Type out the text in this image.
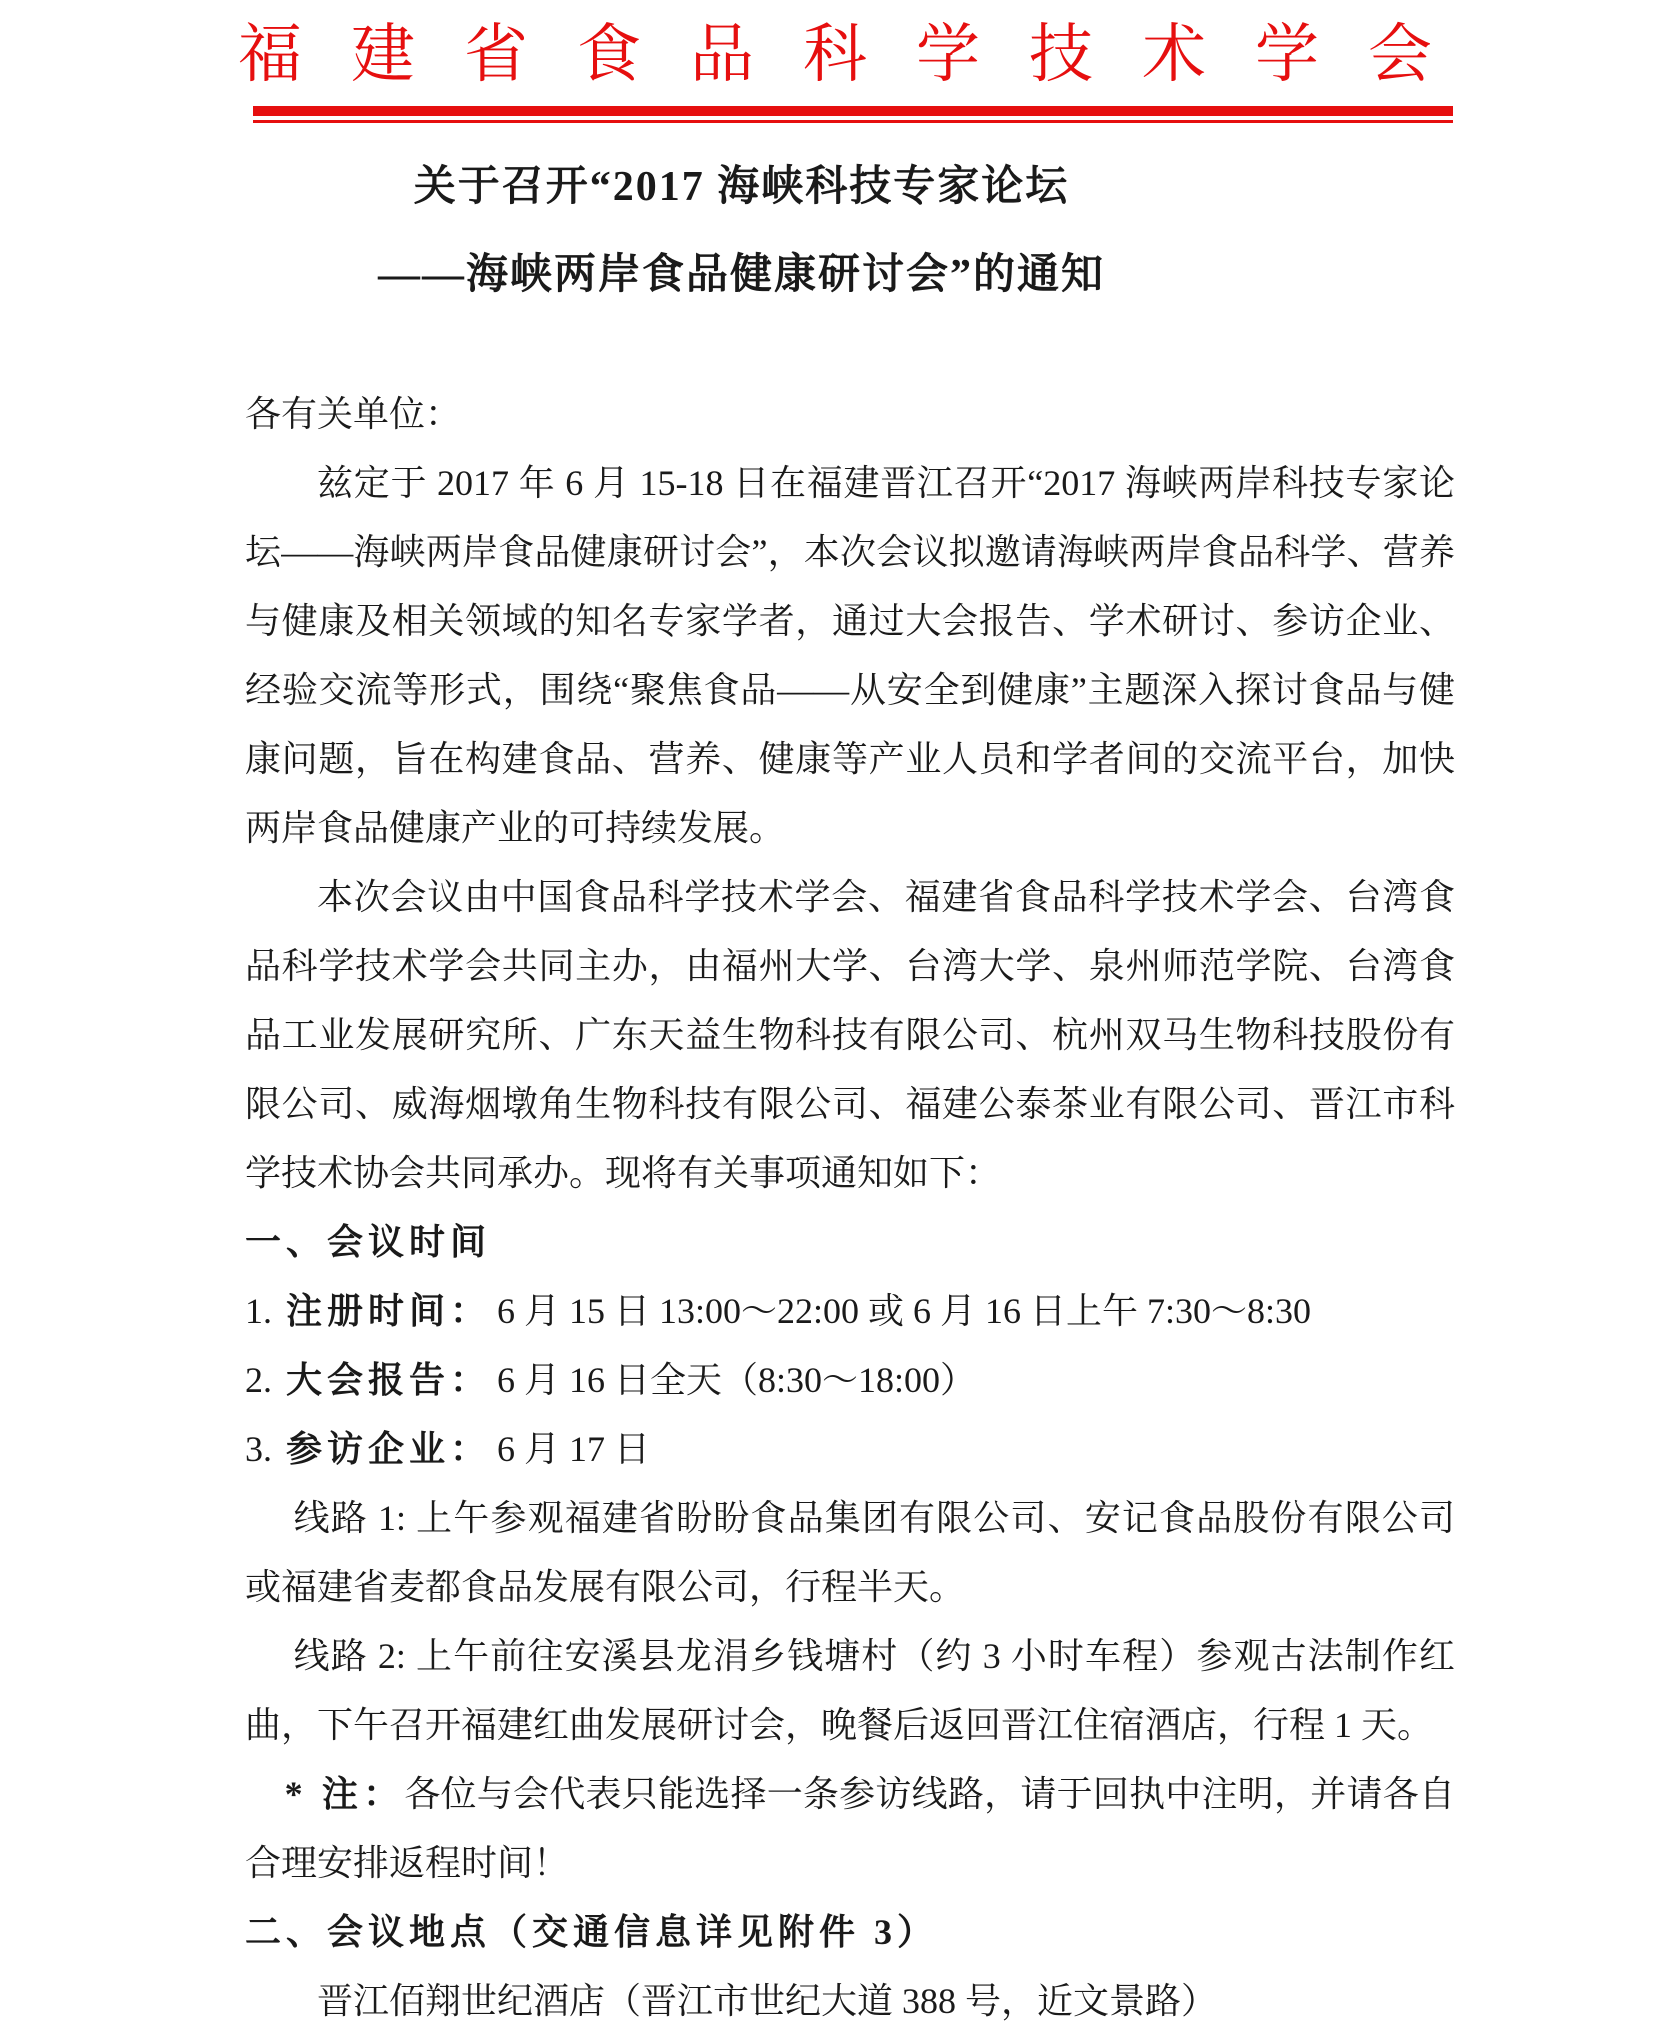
福建省食品科学技术学会
关于召开“2017 海峡科技专家论坛
——海峡两岸食品健康研讨会”的通知
各有关单位：
兹定于 2017 年 6 月 15-18 日在福建晋江召开“2017 海峡两岸科技专家论坛——海峡两岸食品健康研讨会”，本次会议拟邀请海峡两岸食品科学、营养与健康及相关领域的知名专家学者，通过大会报告、学术研讨、参访企业、经验交流等形式，围绕“聚焦食品——从安全到健康”主题深入探讨食品与健康问题，旨在构建食品、营养、健康等产业人员和学者间的交流平台，加快两岸食品健康产业的可持续发展。
本次会议由中国食品科学技术学会、福建省食品科学技术学会、台湾食品科学技术学会共同主办，由福州大学、台湾大学、泉州师范学院、台湾食品工业发展研究所、广东天益生物科技有限公司、杭州双马生物科技股份有限公司、威海烟墩角生物科技有限公司、福建公泰茶业有限公司、晋江市科学技术协会共同承办。现将有关事项通知如下：
一、会议时间
1. 注册时间： 6 月 15 日 13:00～22:00 或 6 月 16 日上午 7:30～8:30
2. 大会报告： 6 月 16 日全天（8:30～18:00）
3. 参访企业： 6 月 17 日
线路 1: 上午参观福建省盼盼食品集团有限公司、安记食品股份有限公司或福建省麦都食品发展有限公司，行程半天。
线路 2: 上午前往安溪县龙涓乡钱塘村（约 3 小时车程）参观古法制作红曲，下午召开福建红曲发展研讨会，晚餐后返回晋江住宿酒店，行程 1 天。
* 注：各位与会代表只能选择一条参访线路，请于回执中注明，并请各自合理安排返程时间！
二、会议地点（交通信息详见附件 3）
晋江佰翔世纪酒店（晋江市世纪大道 388 号，近文景路）
